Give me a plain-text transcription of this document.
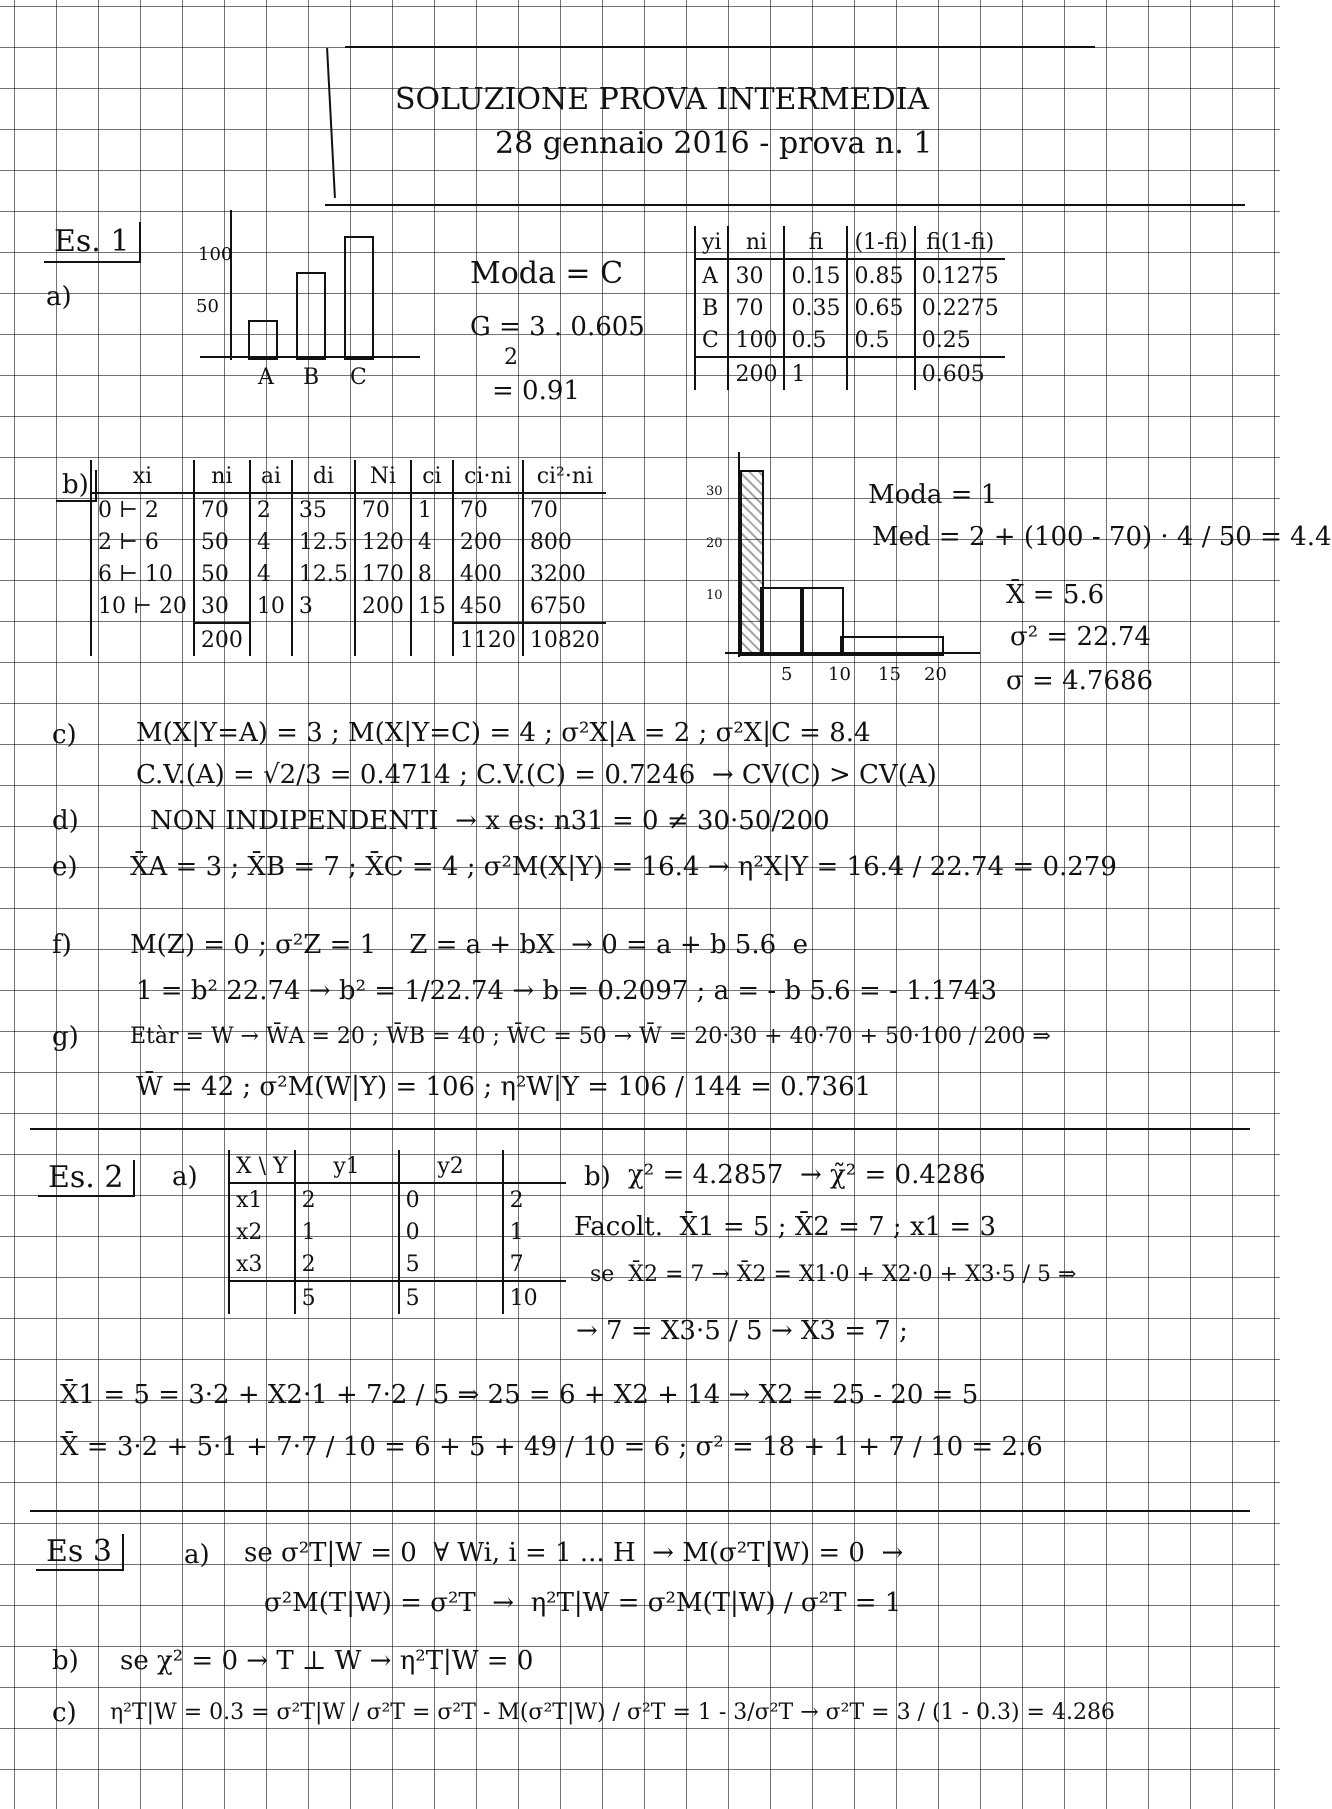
SOLUZIONE PROVA INTERMEDIA
28 gennaio 2016 - prova n. 1
Es. 1
a)
100
50
A B C
Moda = C
G = 3 . 0.605
2
= 0.91
yi	ni	fi	(1-fi)	fi(1-fi)
A	30	0.15	0.85	0.1275
B	70	0.35	0.65	0.2275
C	100	0.5	0.5	0.25
	200	1		0.605
b)	xi	ni	ai	di	Ni	ci	ci·ni	ci²·ni
0 ⊢ 2	70	2	35	70	1	70	70
2 ⊢ 6	50	4	12.5	120	4	200	800
6 ⊢ 10	50	4	12.5	170	8	400	3200
10 ⊢ 20	30	10	3	200	15	450	6750
	200					1120	10820
30
20
10
5 10 15 20
Moda = 1
Med = 2 + (100 - 70) · 4 / 50 = 4.4
X̄ = 5.6
σ² = 22.74
σ = 4.7686
c) M(X|Y=A) = 3 ; M(X|Y=C) = 4 ; σ²X|A = 2 ; σ²X|C = 8.4
C.V.(A) = √2/3 = 0.4714 ; C.V.(C) = 0.7246  → CV(C) > CV(A)
d)	NON INDIPENDENTI  → x es: n31 = 0 ≠ 30·50/200
e) X̄A = 3 ; X̄B = 7 ; X̄C = 4 ; σ²M(X|Y) = 16.4 → η²X|Y = 16.4 / 22.74 = 0.279
f) M(Z) = 0 ; σ²Z = 1    Z = a + bX  → 0 = a + b 5.6  e
1 = b² 22.74 → b² = 1/22.74 → b = 0.2097 ; a = - b 5.6 = - 1.1743
g) Etàr = W → W̄A = 20 ; W̄B = 40 ; W̄C = 50 → W̄ = 20·30 + 40·70 + 50·100 / 200 ⇒
W̄ = 42 ; σ²M(W|Y) = 106 ; η²W|Y = 106 / 144 = 0.7361
Es. 2	a) X \ Y	y1	y2	
x1	2	0	2
x2	1	0	1
x3	2	5	7
	5	5	10
b) χ² = 4.2857  → χ̃² = 0.4286
Facolt.  X̄1 = 5 ; X̄2 = 7 ; x1 = 3
se  X̄2 = 7 → X̄2 = X1·0 + X2·0 + X3·5 / 5 ⇒
→ 7 = X3·5 / 5 → X3 = 7 ;
X̄1 = 5 = 3·2 + X2·1 + 7·2 / 5 ⇒ 25 = 6 + X2 + 14 → X2 = 25 - 20 = 5
X̄ = 3·2 + 5·1 + 7·7 / 10 = 6 + 5 + 49 / 10 = 6 ; σ² = 18 + 1 + 7 / 10 = 2.6
Es 3	a) se σ²T|W = 0  ∀ Wi, i = 1 ... H  → M(σ²T|W) = 0  →
σ²M(T|W) = σ²T  →  η²T|W = σ²M(T|W) / σ²T = 1
b) se χ² = 0 → T ⊥ W → η²T|W = 0
c) η²T|W = 0.3 = σ²T|W / σ²T = σ²T - M(σ²T|W) / σ²T = 1 - 3/σ²T → σ²T = 3 / (1 - 0.3) = 4.286
